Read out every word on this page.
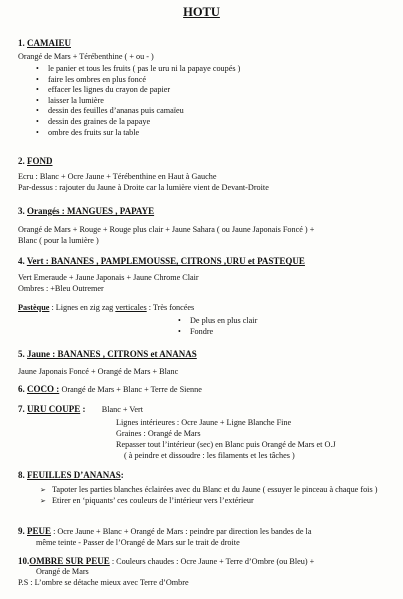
HOTU
1. CAMAIEU
Orangé de Mars + Térébenthine ( + ou - )
• le panier et tous les fruits ( pas le uru ni la papaye coupés )
• faire les ombres en plus foncé
• effacer les lignes du crayon de papier
• laisser la lumière
• dessin des feuilles d’ananas puis camaïeu
• dessin des graines de la papaye
• ombre des fruits sur la table
2. FOND
Ecru : Blanc + Ocre Jaune + Térébenthine en Haut à Gauche
Par-dessus : rajouter du Jaune à Droite car la lumière vient de Devant-Droite
3. Orangés : MANGUES , PAPAYE
Orangé de Mars + Rouge + Rouge plus clair + Jaune Sahara ( ou Jaune Japonais Foncé ) +
Blanc ( pour la lumière )
4. Vert : BANANES , PAMPLEMOUSSE, CITRONS ,URU et PASTEQUE
Vert Emeraude + Jaune Japonais + Jaune Chrome Clair
Ombres : +Bleu Outremer
Pastèque : Lignes en zig zag verticales : Très foncées
• De plus en plus clair
• Fondre
5. Jaune : BANANES , CITRONS et ANANAS
Jaune Japonais Foncé + Orangé de Mars + Blanc
6. COCO : Orangé de Mars + Blanc + Terre de Sienne
7. URU COUPE : Blanc + Vert
Lignes intérieures : Ocre Jaune + Ligne Blanche Fine
Graines : Orangé de Mars
Repasser tout l’intérieur (sec) en Blanc puis Orangé de Mars et O.J
( à peindre et dissoudre : les filaments et les tâches )
8. FEUILLES D’ANANAS:
➢ Tapoter les parties blanches éclairées avec du Blanc et du Jaune ( essuyer le pinceau à chaque fois )
➢ Etirer en ‘piquants’ ces couleurs de l’intérieur vers l’extérieur
9. PEUE : Ocre Jaune + Blanc + Orangé de Mars : peindre par direction les bandes de la
même teinte - Passer de l’Orangé de Mars sur le trait de droite
10.OMBRE SUR PEUE : Couleurs chaudes : Ocre Jaune + Terre d’Ombre (ou Bleu) +
Orangé de Mars
P.S : L’ombre se détache mieux avec Terre d’Ombre
